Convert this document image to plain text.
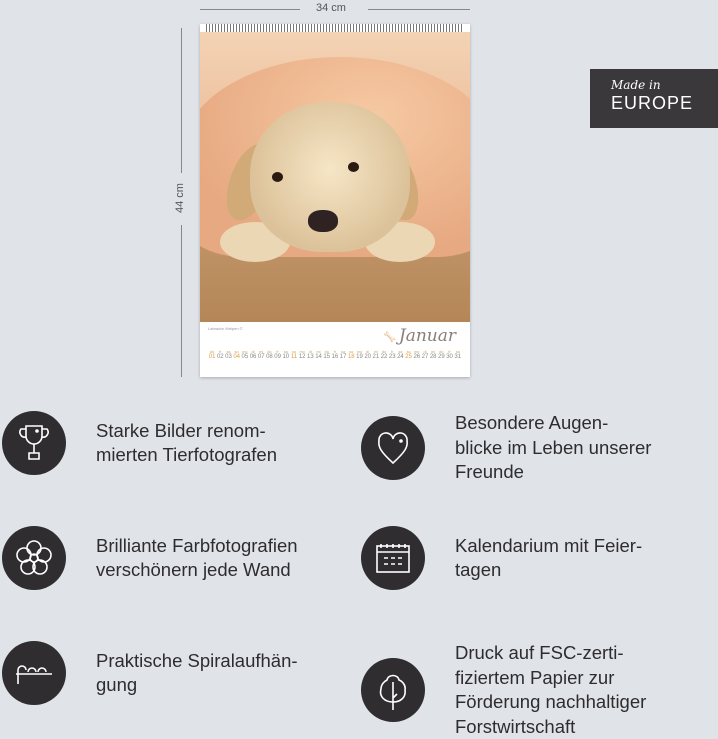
34 cm
44 cm
Labrador Welpen ©
🦴 Januar
do
01
fr
02
sa
03
so
04
mo
05
di
06
mi
07
do
08
fr
09
sa
10
so
11
mo
12
di
13
mi
14
do
15
fr
16
sa
17
so
18
mo
19
di
20
mi
21
do
22
fr
23
sa
24
so
25
mo
26
di
27
mi
28
do
29
fr
30
sa
31
Made in
EUROPE
Starke Bilder renom-
mierten Tierfotografen
Besondere Augen-
blicke im Leben unserer
Freunde
Brilliante Farbfotografien
verschönern jede Wand
Kalendarium mit Feier-
tagen
Praktische Spiralaufhän-
gung
Druck auf FSC-zerti-
fiziertem Papier zur
Förderung nachhaltiger
Forstwirtschaft
